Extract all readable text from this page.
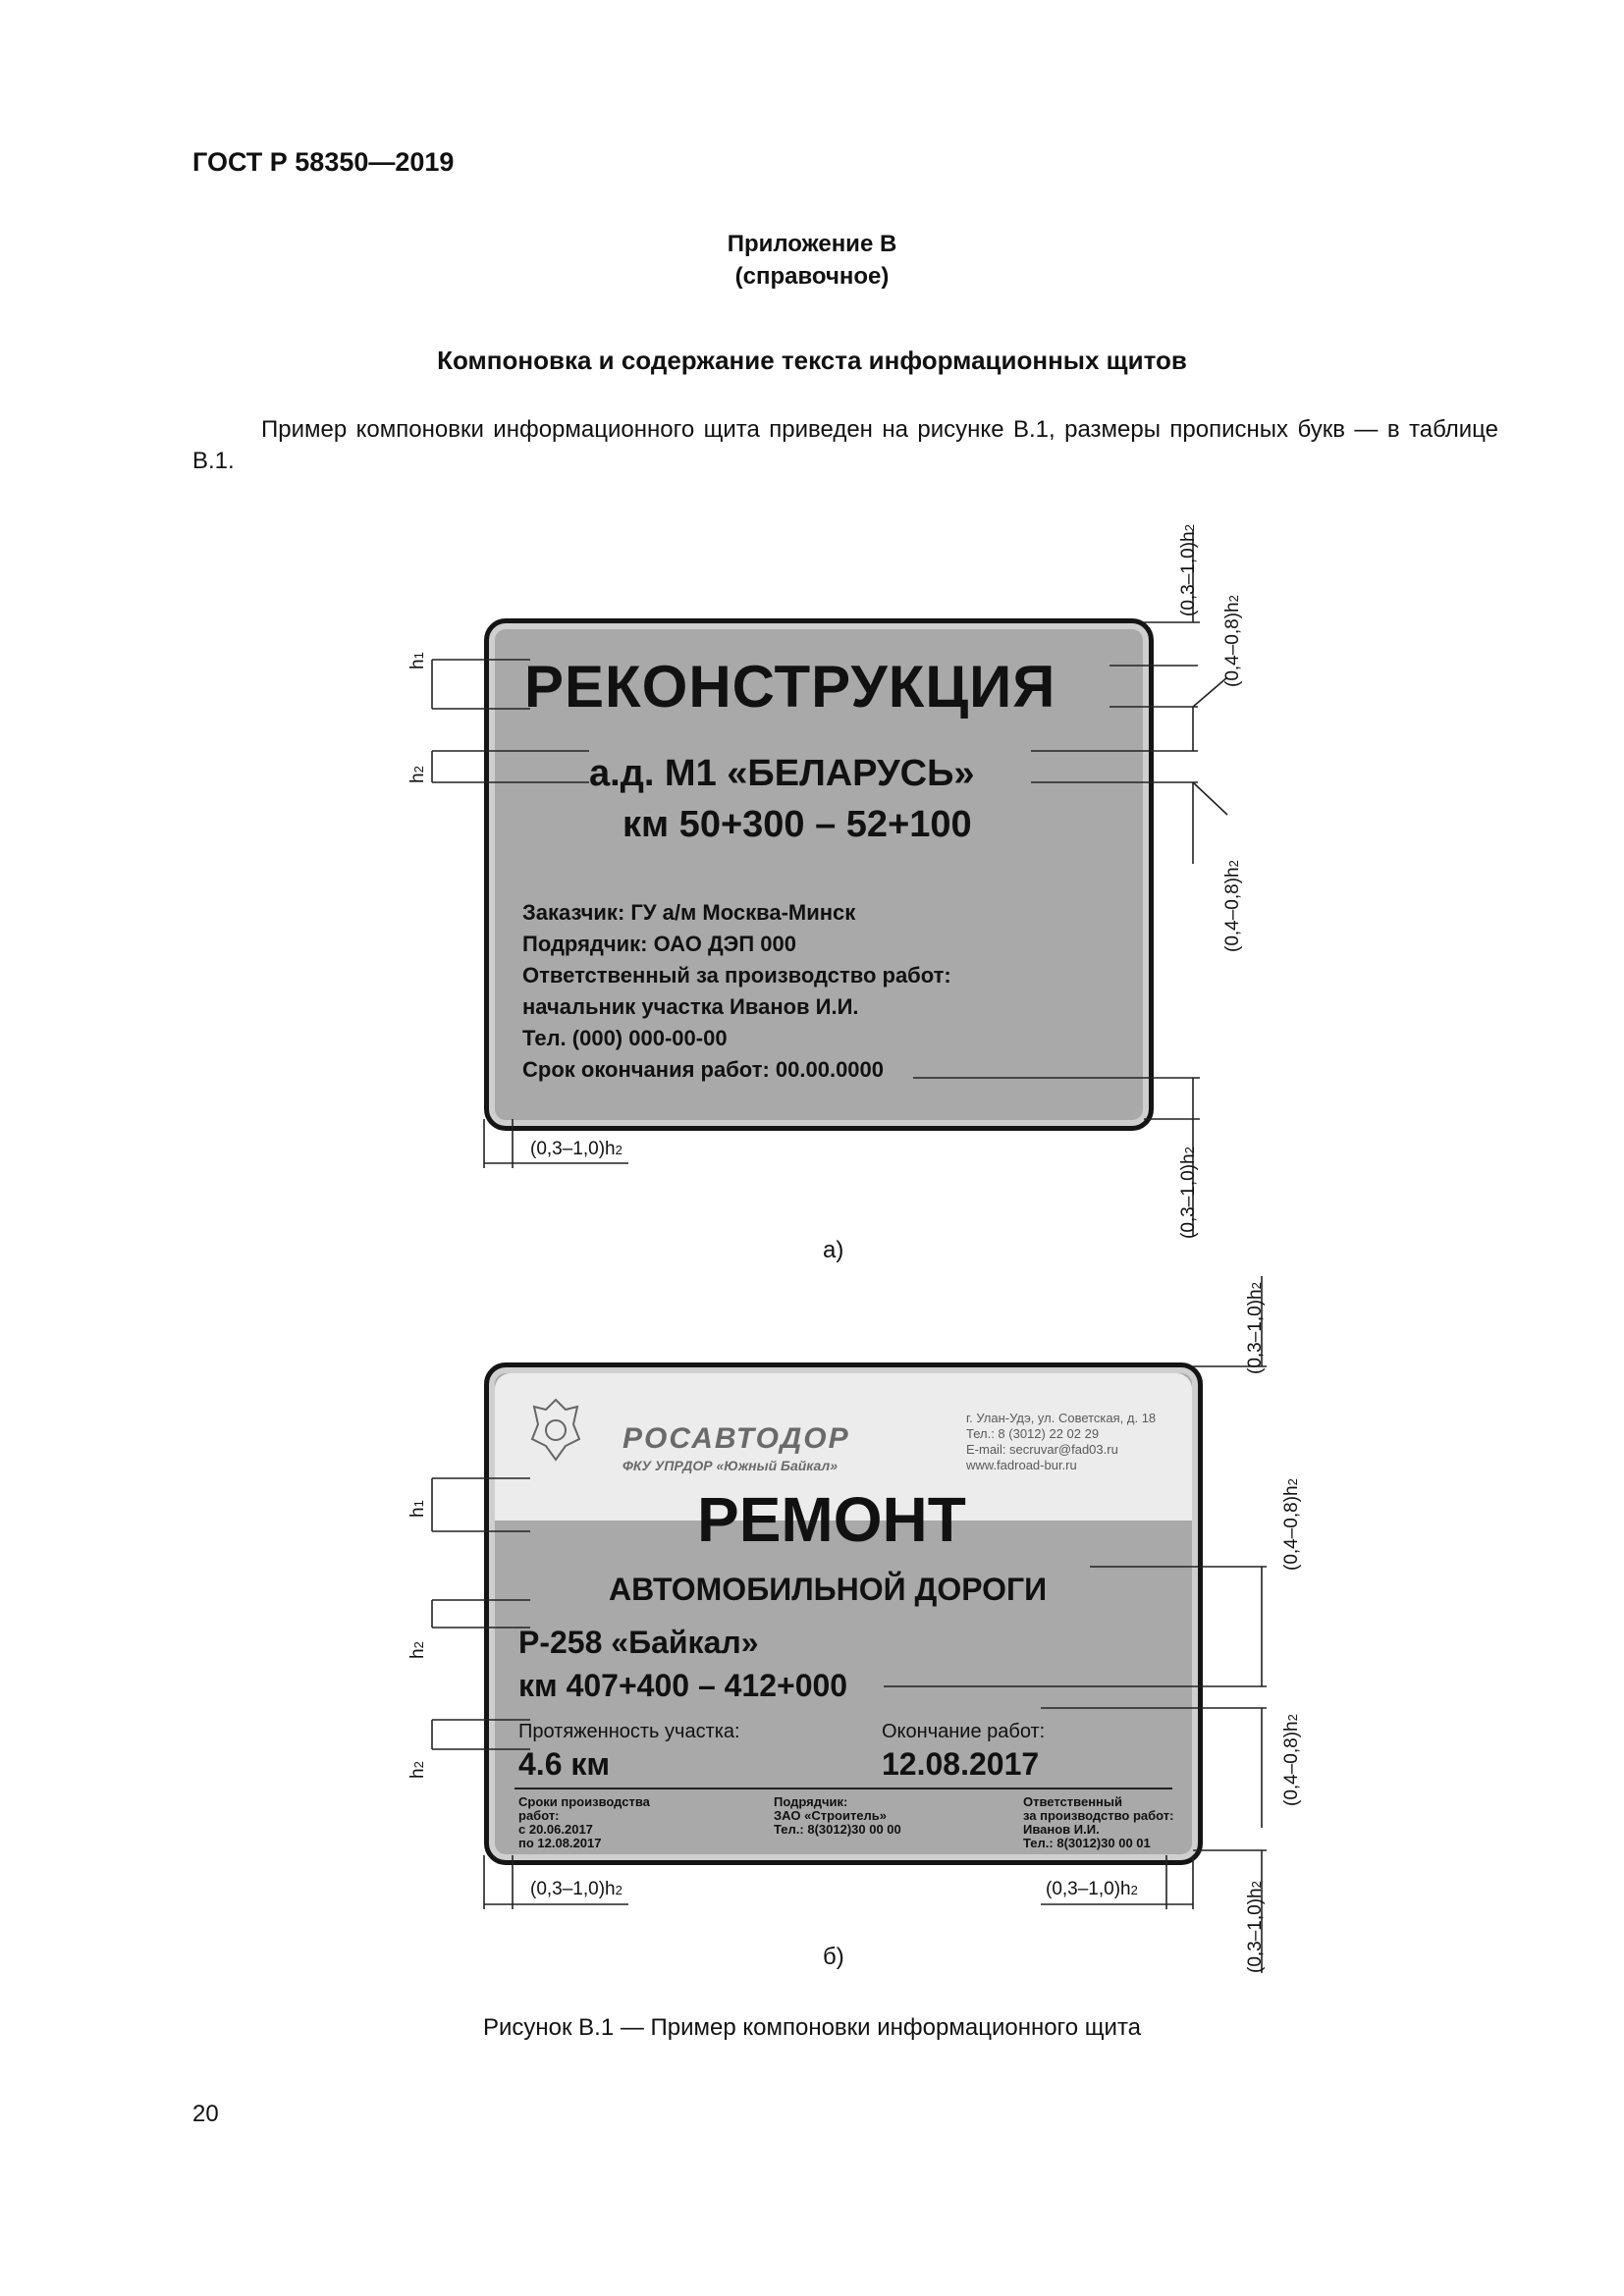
ГОСТ Р 58350—2019
Приложение В
(справочное)
Компоновка и содержание текста информационных щитов
Пример компоновки информационного щита приведен на рисунке В.1, размеры прописных букв — в таблице В.1.
РЕКОНСТРУКЦИЯ
а.д. М1 «БЕЛАРУСЬ»
км 50+300 – 52+100
Заказчик: ГУ а/м Москва-Минск
Подрядчик: ОАО ДЭП 000
Ответственный за производство работ:
начальник участка Иванов И.И.
Тел. (000) 000-00-00
Срок окончания работ: 00.00.0000
h1
h2
(0,3–1,0)h2
(0,4–0,8)h2
(0,4–0,8)h2
(0,3–1,0)h2
(0,3–1,0)h2
а)
РОСАВТОДОР
ФКУ УПРДОР «Южный Байкал»
г. Улан-Удэ, ул. Советская, д. 18
Тел.: 8 (3012) 22 02 29
E-mail: secruvar@fad03.ru
www.fadroad-bur.ru
РЕМОНТ
АВТОМОБИЛЬНОЙ ДОРОГИ
Р-258 «Байкал»
км 407+400 – 412+000
Протяженность участка:
4.6 км
Окончание работ:
12.08.2017
Сроки производства
работ:
с 20.06.2017
по 12.08.2017
Подрядчик:
ЗАО «Строитель»
Тел.: 8(3012)30 00 00
Ответственный
за производство работ:
Иванов И.И.
Тел.: 8(3012)30 00 01
h1
h2
h2
(0,3–1,0)h2
(0,4–0,8)h2
(0,4–0,8)h2
(0,3–1,0)h2
(0,3–1,0)h2	(0,3–1,0)h2
б)
Рисунок В.1 — Пример компоновки информационного щита
20
